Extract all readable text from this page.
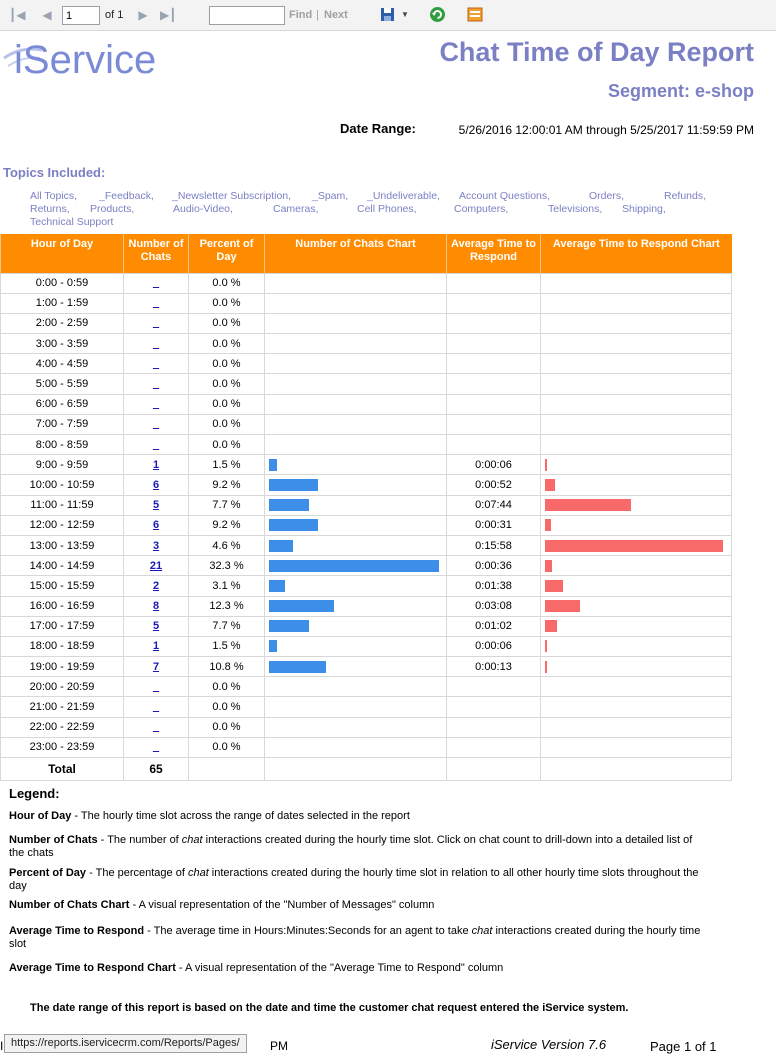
┃◀ ◀
1	of 1 ▶ ▶┃	Find | Next	▼
iService	Chat Time of Day Report
Segment: e-shop
Date Range:	5/26/2016 12:00:01 AM through 5/25/2017 11:59:59 PM
Topics Included:
All Topics, _Feedback, _Newsletter Subscription, _Spam, _Undeliverable, Account Questions,	Orders,	Refunds,
Returns, Products,	Audio-Video,	Cameras,	Cell Phones,	Computers,	Televisions, Shipping,
Technical Support
Hour of Day	Number of Chats	Percent of Day	Number of Chats Chart	Average Time to Respond	Average Time to Respond Chart
0:00 - 0:59	_	0.0 %			
1:00 - 1:59	_	0.0 %			
2:00 - 2:59	_	0.0 %			
3:00 - 3:59	_	0.0 %			
4:00 - 4:59	_	0.0 %			
5:00 - 5:59	_	0.0 %			
6:00 - 6:59	_	0.0 %			
7:00 - 7:59	_	0.0 %			
8:00 - 8:59	_	0.0 %			
9:00 - 9:59	1	1.5 %		0:00:06	

10:00 - 10:59	6	9.2 %		0:00:52	

11:00 - 11:59	5	7.7 %		0:07:44	

12:00 - 12:59	6	9.2 %		0:00:31	

13:00 - 13:59	3	4.6 %		0:15:58	

14:00 - 14:59	21	32.3 %		0:00:36	

15:00 - 15:59	2	3.1 %		0:01:38	

16:00 - 16:59	8	12.3 %		0:03:08	

17:00 - 17:59	5	7.7 %		0:01:02	

18:00 - 18:59	1	1.5 %		0:00:06	

19:00 - 19:59	7	10.8 %		0:00:13	

20:00 - 20:59	_	0.0 %			
21:00 - 21:59	_	0.0 %			
22:00 - 22:59	_	0.0 %			
23:00 - 23:59	_	0.0 %			
Total	65				
Legend:
Hour of Day - The hourly time slot across the range of dates selected in the report
Number of Chats - The number of chat interactions created during the hourly time slot. Click on chat count to drill-down into a detailed list of the chats
Percent of Day - The percentage of chat interactions created during the hourly time slot in relation to all other hourly time slots throughout the day
Number of Chats Chart - A visual representation of the "Number of Messages" column
Average Time to Respond - The average time in Hours:Minutes:Seconds for an agent to take chat interactions created during the hourly time slot
Average Time to Respond Chart - A visual representation of the "Average Time to Respond" column
The date range of this report is based on the date and time the customer chat request entered the iService system.
I	PM	iService Version 7.6	Page 1 of 1
https://reports.iservicecrm.com/Reports/Pages/
